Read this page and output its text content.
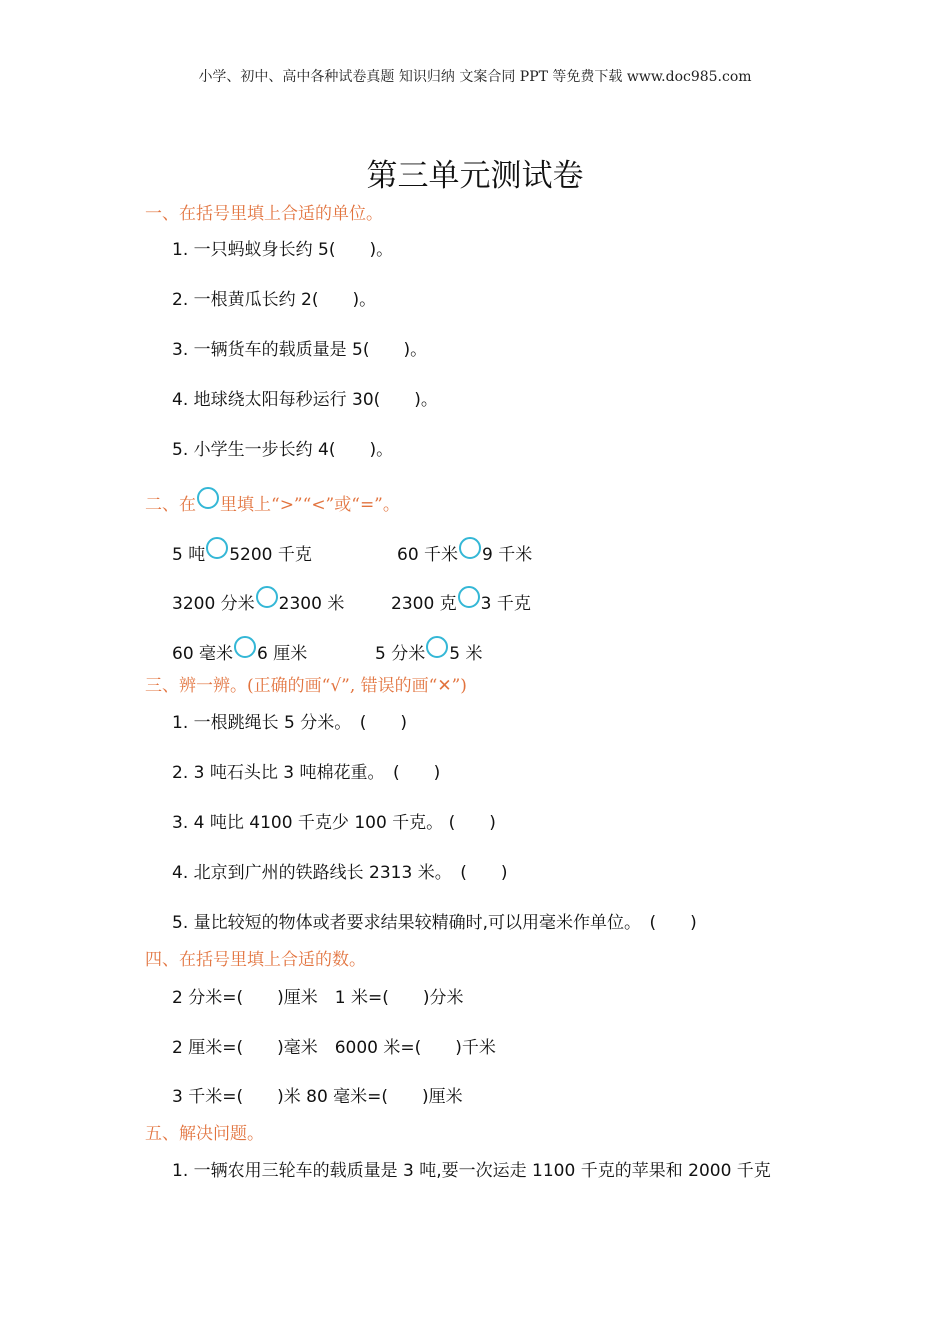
小学、初中、高中各种试卷真题 知识归纳 文案合同 PPT 等免费下载 www.doc985.com
第三单元测试卷
一、在括号里填上合适的单位。
1. 一只蚂蚁身长约 5(　　)。
2. 一根黄瓜长约 2(　　)。
3. 一辆货车的载质量是 5(　　)。
4. 地球绕太阳每秒运行 30(　　)。
5. 小学生一步长约 4(　　)。
二、在 里填上“>”“<”或“=”。
5 吨 5200 千克	60 千米 9 千米
3200 分米 2300 米	2300 克 3 千克
60 毫米 6 厘米	5 分米 5 米
三、辨一辨。(正确的画“√”, 错误的画“✕”)
1. 一根跳绳长 5 分米。　(　　)
2. 3 吨石头比 3 吨棉花重。　(　　)
3. 4 吨比 4100 千克少 100 千克。 (　　)
4. 北京到广州的铁路线长 2313 米。　(　　)
5. 量比较短的物体或者要求结果较精确时,可以用毫米作单位。　(　　)
四、在括号里填上合适的数。
2 分米=(　　)厘米　1 米=(　　)分米
2 厘米=(　　)毫米　6000 米=(　　)千米
3 千米=(　　)米 80 毫米=(　　)厘米
五、解决问题。
1. 一辆农用三轮车的载质量是 3 吨,要一次运走 1100 千克的苹果和 2000 千克
